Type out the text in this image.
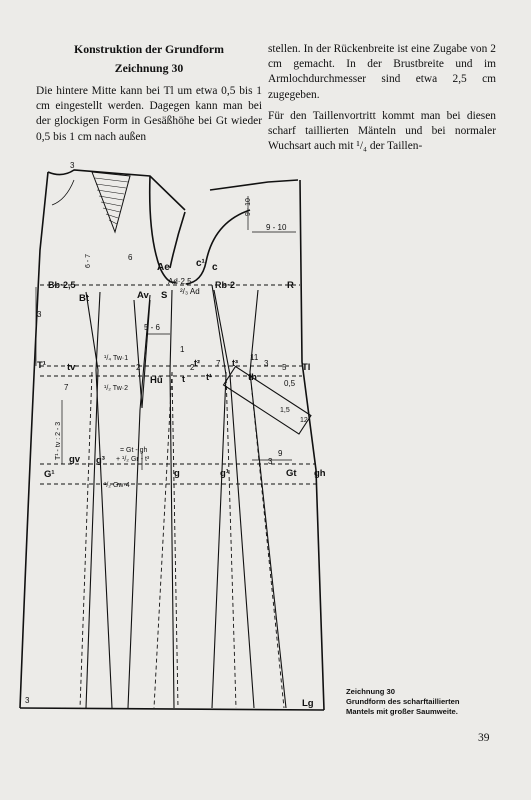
Konstruktion der Grundform
Zeichnung 30

Die hintere Mitte kann bei Tl um etwa 0,5 bis 1 cm eingestellt werden. Dagegen kann man bei der glockigen Form in Gesäßhöhe bei Gt wieder 0,5 bis 1 cm nach außen

stellen. In der Rückenbreite ist eine Zugabe von 2 cm gemacht. In der Brustbreite und im Armlochdurchmesser sind etwa 2,5 cm zugegeben.

Für den Taillenvortritt kommt man bei diesen scharf taillierten Mänteln und bei normaler Wuchsart auch mit ¹/₄ der Taillen-

Ae	c¹ c
Bb·2,5	Rb·2	R
Bt	Av S
Ad·2,5
²/₃ Ad
T¹ tv	Tl
Hü	th
G¹
gv g³
g	g¹	Gt gh
Lg
¹/₄ Tw·1
¹/₂ Tw·2
= Gt - gh
+ ¹/₂ Gr - t³
¹/₂ Gw·4
T¹ - tv : 2 - 3
3
3
3
3
3
2	2	5
5 - 6
6 - 7	6
7
7
9
9 - 10
9 - 10
11
1
0,5
1,5
t²	t³
t t¹
12
Zeichnung 30
Grundform des scharftaillierten
Mantels mit großer Saumweite.
39
